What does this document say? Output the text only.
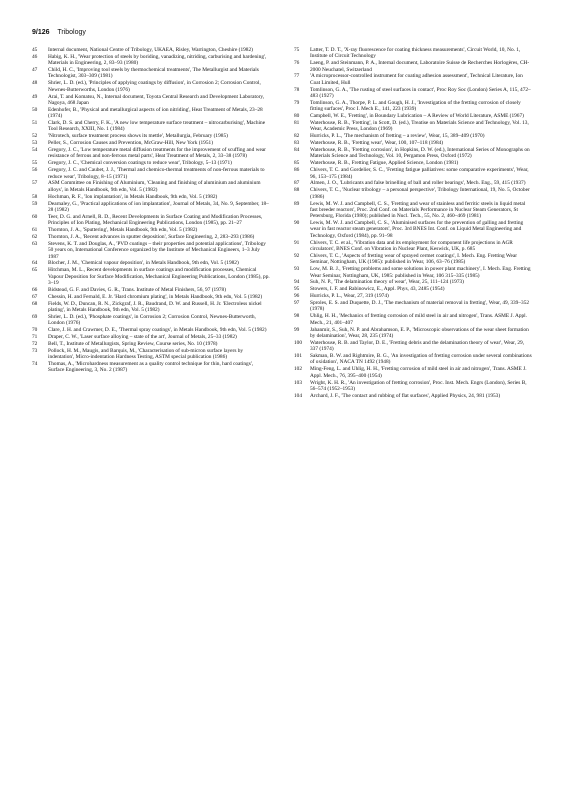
9/126 Tribology
45	Internal document, National Centre of Tribology, UKAEA, Risley, Warrington, Cheshire (1982)
46	Habig, K. H., 'Wear protection of steels by boriding, vanadizing, nitriding, carburising and hardening', Materials in Engineering, 2, 83–93 (1980)
47	Child, H. C., 'Improving tool steels by thermochemical treatments', The Metallurgist and Materials Technologist, 303–309 (1981)
48	Shrier, L. D. (ed.), 'Principles of applying coatings by diffusion', in Corrosion 2; Corrosion Control, Newnes-Butterworths, London (1976)
49	Arai, T. and Komatsu, N., Internal document, Toyota Central Research and Development Laboratory, Nagoya, 468 Japan
50	Edenhofer, B., 'Physical and metallurgical aspects of ion nitriding', Heat Treatment of Metals, 23–28 (1974)
51	Clark, D. S. and Cherry, F. K., 'A new low temperature surface treatment – nitrocarburising', Machine Tool Research, XXIII, No. 1 (1984)
52	'Nitrotech, surface treatment process shows its mettle', Metallurgia, February (1985)
53	Peller, S., Corrosion Causes and Prevention, McGraw-Hill, New York (1951)
54	Gregory, J. C., 'Low temperature metal diffusion treatments for the improvement of scuffing and wear resistance of ferrous and non-ferrous metal parts', Heat Treatment of Metals, 2, 33–38 (1978)
55	Gregory, J. C., 'Chemical conversion coatings to reduce wear', Tribology, 5–13 (1971)
56	Gregory, J. C. and Caubet, J. J., 'Thermal and chemico-thermal treatments of non-ferrous materials to reduce wear', Tribology, 8–15 (1971)
57	ASM Committee on Finishing of Aluminium, 'Cleaning and finishing of aluminium and aluminium alloys', in Metals Handbook, 9th edn, Vol. 5 (1982)
58	Hochman, R. F., 'Ion implantation', in Metals Handbook, 9th edn, Vol. 5 (1982)
59	Dearnaley, G., 'Practical applications of ion implantation', Journal of Metals, 34, No. 9, September, 18–28 (1982)
60	Teer, D. G. and Arnell, R. D., Recent Developments in Surface Coating and Modification Processes, Principles of Ion Plating, Mechanical Engineering Publications, London (1985), pp. 21–27
61	Thornton, J. A., 'Sputtering', Metals Handbook, 9th edn, Vol. 5 (1982)
62	Thornton, J. A., 'Recent advances in sputter deposition', Surface Engineering, 2, 283–293 (1986)
63	Stevens, K. T. and Douglas, A., 'PVD coatings – their properties and potential applications', Tribology 50 years on, International Conference organized by the Institute of Mechanical Engineers, 1–3 July 1987
64	Blocher, J. M., 'Chemical vapour deposition', in Metals Handbook, 9th edn, Vol. 5 (1982)
65	Hitchman, M. L., Recent developments in surface coatings and modification processes, Chemical Vapour Deposition for Surface Modification, Mechanical Engineering Publications, London (1985), pp. 3–19
66	Bidstead, G. F. and Davies, G. R., Trans. Institute of Metal Finishers, 56, 97 (1978)
67	Chessin, H. and Fernald, E. Jr. 'Hard chromium plating', in Metals Handbook, 9th edn, Vol. 5 (1982)
68	Fields, W. D., Duncan, R. N., Zickgraf, J. R., Baudrand, D. W. and Russell, H. Jr. 'Electroless nickel plating', in Metals Handbook, 9th edn, Vol. 5 (1982)
69	Shrier, L. D. (ed.), 'Phosphate coatings', in Corrosion 2; Corrosion Control, Newnes-Butterworth, London (1976)
70	Clare, J. H. and Crawmer, D. E., 'Thermal spray coatings', in Metals Handbook, 9th edn, Vol. 5 (1982)
71	Draper, C. W., 'Laser surface alloying – state of the art', Journal of Metals, 25–33 (1982)
72	Bell, T., Institute of Metallurgists, Spring Review, Course series, No. 10 (1978)
73	Pollock, H. M., Maugis, and Barquis, M., 'Characterisation of sub-micron surface layers by indentation', Micro-indentation Hardness Testing, ASTM special publication (1986)
74	Thomas, A., 'Microhardness measurement as a quality control technique for thin, hard coatings', Surface Engineering, 3, No. 2 (1987)
75	Latter, T. D. T., 'X-ray fluorescence for coating thickness measurements', Circuit World, 10, No. 1, Institute of Circuit Technology
76	Laeng, P. and Steinmann, P. A., Internal document, Laboratoire Suisse de Recherches Horlogères, CH-2000 Neuchatel, Switzerland
77	'A microprocessor-controlled instrument for coating adhesion assessment', Technical Literature, Ion Coat Limited, Hull
78	Tomlinson, G. A., 'The rusting of steel surfaces in contact', Proc Roy Soc (London) Series A, 115, 472–483 (1927)
79	Tomlinson, G. A., Thorpe, P. L. and Gough, H. J., 'Investigation of the fretting corrosion of closely fitting surfaces', Proc I. Mech E., 141, 223 (1939)
80	Campbell, W. E., 'Fretting', in Boundary Lubrication – A Review of World Literature, ASME (1967)
81	Waterhouse, R. B., 'Fretting', in Scott, D. (ed.), Treatise on Materials Science and Technology, Vol. 13, Wear, Academic Press, London (1969)
82	Hurricks, P. L., 'The mechanism of fretting – a review', Wear, 15, 389–409 (1970)
83	Waterhouse, R. B., 'Fretting wear', Wear, 100, 107–118 (1984)
84	Waterhouse, R. B., 'Fretting corrosion', in Hopkins, D. W. (ed.), International Series of Monographs on Materials Science and Technology, Vol. 10, Pergamon Press, Oxford (1972)
85	Waterhouse, R. B., Fretting Fatigue, Applied Science, London (1981)
86	Chivers, T. C. and Gordelier, S. C., 'Fretting fatigue palliatives: some comparative experiments', Wear, 96, 153–175 (1984)
87	Almen, J. O., 'Lubricants and false brinelling of ball and roller bearings', Mech. Eng., 59, 415 (1937)
88	Chivers, T. C., 'Nuclear tribology – a personal perspective', Tribology International, 19, No. 5, October (1986)
89	Lewis, M. W. J. and Campbell, C. S., 'Fretting and wear of stainless and ferritic steels in liquid metal fast breeder reactors', Proc. 2nd Conf. on Materials Performance in Nuclear Steam Generators, St Petersburg, Florida (1980); published in Nucl. Tech., 55, No. 2, 460–469 (1981)
90	Lewis, M. W. J. and Campbell, C. S., 'Aluminised surfaces for the prevention of galling and fretting wear in fast reactor steam generators', Proc. 3rd BNES Int. Conf. on Liquid Metal Engineering and Technology, Oxford (1984), pp. 91–98
91	Chivers, T. C. et al., 'Vibration data and its employment for component life projections in AGR circulators', BNES Conf. on Vibration in Nuclear Plant, Keswick, UK, p. 685
92	Chivers, T. C., 'Aspects of fretting wear of sprayed cermet coatings', I. Mech. Eng. Fretting Wear Seminar, Nottingham, UK (1985): published in Wear, 106, 63–76 (1985)
93	Low, M. B. J., 'Fretting problems and some solutions in power plant machinery', I. Mech. Eng. Fretting Wear Seminar, Nottingham, UK, 1985: published in Wear, 106 315–335 (1985)
94	Suh, N. P., 'The delamination theory of wear', Wear, 25, 111–124 (1973)
95	Stowers, I. F. and Rabinowicz, E., Appl. Phys, 43, 2485 (1954)
96	Hurricks, P. L., Wear, 27, 319 (1974)
97	Sproles, E. S. and Duquette, D. J., 'The mechanism of material removal in fretting', Wear, 49, 339–352 (1978)
98	Uhlig, H. H., 'Mechanics of fretting corrosion of mild steel in air and nitrogen', Trans. ASME J. Appl. Mech., 21, 401–407
99	Jahanmir, S., Suh, N. P. and Abrahamson, E. P., 'Microscopic observations of the wear sheet formation by delamination', Wear, 28, 235 (1974)
100	Waterhouse, R. B. and Taylor, D. E., 'Fretting debris and the delamination theory of wear', Wear, 29, 337 (1974)
101	Sakman, B. W. and Rightmire, B. G., 'An investigation of fretting corrosion under several combinations of oxidation', NACA TN 1492 (1948)
102	Ming-Feng, L. and Uhlig, H. H., 'Fretting corrosion of mild steel in air and nitrogen', Trans. ASME J. Appl. Mech., 76, 395–400 (1954)
103	Wright, K. H. R., 'An investigation of fretting corrosion', Proc. Inst. Mech. Engrs (London), Series B, 56–574 (1952–1953)
104	Archard, J. F., 'The contact and rubbing of flat surfaces', Applied Physics, 24, 981 (1953)
